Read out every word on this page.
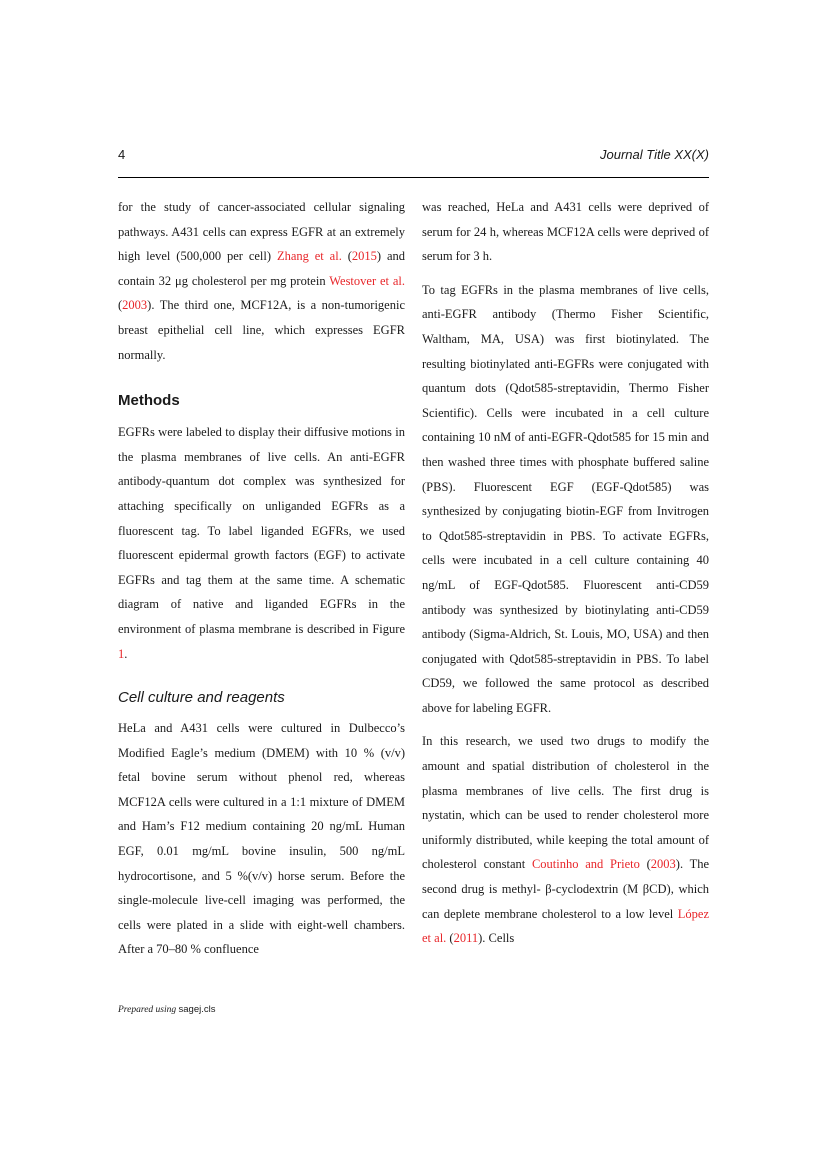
4	Journal Title XX(X)

for the study of cancer-associated cellular signaling pathways. A431 cells can express EGFR at an extremely high level (500,000 per cell) Zhang et al. (2015) and contain 32 μg cholesterol per mg protein Westover et al. (2003). The third one, MCF12A, is a non-tumorigenic breast epithelial cell line, which expresses EGFR normally.

Methods

EGFRs were labeled to display their diffusive motions in the plasma membranes of live cells. An anti-EGFR antibody-quantum dot complex was synthesized for attaching specifically on unliganded EGFRs as a fluorescent tag. To label liganded EGFRs, we used fluorescent epidermal growth factors (EGF) to activate EGFRs and tag them at the same time. A schematic diagram of native and liganded EGFRs in the environment of plasma membrane is described in Figure 1.

Cell culture and reagents

HeLa and A431 cells were cultured in Dulbecco’s Modified Eagle’s medium (DMEM) with 10 % (v/v) fetal bovine serum without phenol red, whereas MCF12A cells were cultured in a 1:1 mixture of DMEM and Ham’s F12 medium containing 20 ng/mL Human EGF, 0.01 mg/mL bovine insulin, 500 ng/mL hydrocortisone, and 5 %(v/v) horse serum. Before the single-molecule live-cell imaging was performed, the cells were plated in a slide with eight-well chambers. After a 70–80 % confluence

was reached, HeLa and A431 cells were deprived of serum for 24 h, whereas MCF12A cells were deprived of serum for 3 h.

To tag EGFRs in the plasma membranes of live cells, anti-EGFR antibody (Thermo Fisher Scientific, Waltham, MA, USA) was first biotinylated. The resulting biotinylated anti-EGFRs were conjugated with quantum dots (Qdot585-streptavidin, Thermo Fisher Scientific). Cells were incubated in a cell culture containing 10 nM of anti-EGFR-Qdot585 for 15 min and then washed three times with phosphate buffered saline (PBS). Fluorescent EGF (EGF-Qdot585) was synthesized by conjugating biotin-EGF from Invitrogen to Qdot585-streptavidin in PBS. To activate EGFRs, cells were incubated in a cell culture containing 40 ng/mL of EGF-Qdot585. Fluorescent anti-CD59 antibody was synthesized by biotinylating anti-CD59 antibody (Sigma-Aldrich, St. Louis, MO, USA) and then conjugated with Qdot585-streptavidin in PBS. To label CD59, we followed the same protocol as described above for labeling EGFR.

In this research, we used two drugs to modify the amount and spatial distribution of cholesterol in the plasma membranes of live cells. The first drug is nystatin, which can be used to render cholesterol more uniformly distributed, while keeping the total amount of cholesterol constant Coutinho and Prieto (2003). The second drug is methyl- β-cyclodextrin (M βCD), which can deplete membrane cholesterol to a low level López et al. (2011). Cells

Prepared using sagej.cls
